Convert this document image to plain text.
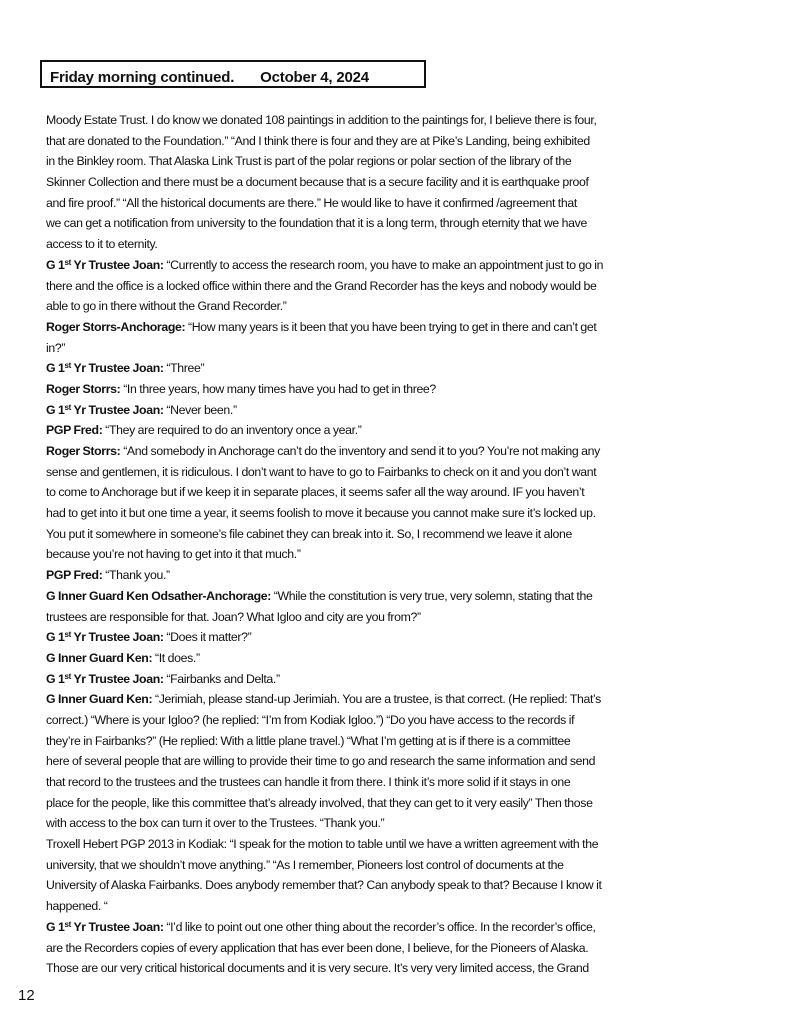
Friday morning continued. October 4, 2024
Moody Estate Trust. I do know we donated 108 paintings in addition to the paintings for, I believe there is four,
that are donated to the Foundation.” “And I think there is four and they are at Pike’s Landing, being exhibited
in the Binkley room. That Alaska Link Trust is part of the polar regions or polar section of the library of the
Skinner Collection and there must be a document because that is a secure facility and it is earthquake proof
and fire proof.” “All the historical documents are there.” He would like to have it confirmed /agreement that
we can get a notification from university to the foundation that it is a long term, through eternity that we have
access to it to eternity.
G 1st Yr Trustee Joan: “Currently to access the research room, you have to make an appointment just to go in
there and the office is a locked office within there and the Grand Recorder has the keys and nobody would be
able to go in there without the Grand Recorder.”
Roger Storrs-Anchorage: “How many years is it been that you have been trying to get in there and can’t get
in?”
G 1st Yr Trustee Joan: “Three”
Roger Storrs: “In three years, how many times have you had to get in three?
G 1st Yr Trustee Joan: “Never been.”
PGP Fred: “They are required to do an inventory once a year.”
Roger Storrs: “And somebody in Anchorage can’t do the inventory and send it to you? You’re not making any
sense and gentlemen, it is ridiculous. I don’t want to have to go to Fairbanks to check on it and you don’t want
to come to Anchorage but if we keep it in separate places, it seems safer all the way around. IF you haven’t
had to get into it but one time a year, it seems foolish to move it because you cannot make sure it’s locked up.
You put it somewhere in someone’s file cabinet they can break into it. So, I recommend we leave it alone
because you’re not having to get into it that much.”
PGP Fred: “Thank you.”
G Inner Guard Ken Odsather-Anchorage: “While the constitution is very true, very solemn, stating that the
trustees are responsible for that. Joan? What Igloo and city are you from?”
G 1st Yr Trustee Joan: “Does it matter?”
G Inner Guard Ken: “It does.”
G 1st Yr Trustee Joan: “Fairbanks and Delta.”
G Inner Guard Ken: “Jerimiah, please stand-up Jerimiah. You are a trustee, is that correct. (He replied: That’s
correct.) “Where is your Igloo? (he replied: “I’m from Kodiak Igloo.”) “Do you have access to the records if
they’re in Fairbanks?” (He replied: With a little plane travel.) “What I’m getting at is if there is a committee
here of several people that are willing to provide their time to go and research the same information and send
that record to the trustees and the trustees can handle it from there. I think it’s more solid if it stays in one
place for the people, like this committee that’s already involved, that they can get to it very easily” Then those
with access to the box can turn it over to the Trustees. “Thank you.”
Troxell Hebert PGP 2013 in Kodiak: “I speak for the motion to table until we have a written agreement with the
university, that we shouldn’t move anything.” “As I remember, Pioneers lost control of documents at the
University of Alaska Fairbanks. Does anybody remember that? Can anybody speak to that? Because I know it
happened. “
G 1st Yr Trustee Joan: “I’d like to point out one other thing about the recorder’s office. In the recorder’s office,
are the Recorders copies of every application that has ever been done, I believe, for the Pioneers of Alaska.
Those are our very critical historical documents and it is very secure. It’s very very limited access, the Grand
12
